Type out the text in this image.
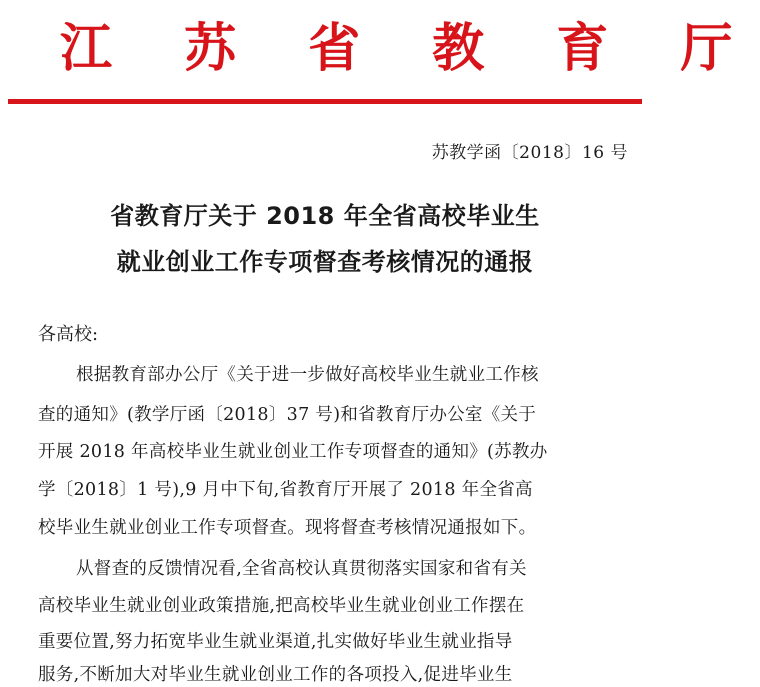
江 苏 省 教 育 厅
苏教学函〔2018〕16 号
省教育厅关于 2018 年全省高校毕业生
就业创业工作专项督查考核情况的通报
各高校:
根据教育部办公厅《关于进一步做好高校毕业生就业工作核
查的通知》(教学厅函〔2018〕37 号)和省教育厅办公室《关于
开展 2018 年高校毕业生就业创业工作专项督查的通知》(苏教办
学〔2018〕1 号),9 月中下旬,省教育厅开展了 2018 年全省高
校毕业生就业创业工作专项督查。现将督查考核情况通报如下。
从督查的反馈情况看,全省高校认真贯彻落实国家和省有关
高校毕业生就业创业政策措施,把高校毕业生就业创业工作摆在
重要位置,努力拓宽毕业生就业渠道,扎实做好毕业生就业指导
服务,不断加大对毕业生就业创业工作的各项投入,促进毕业生
